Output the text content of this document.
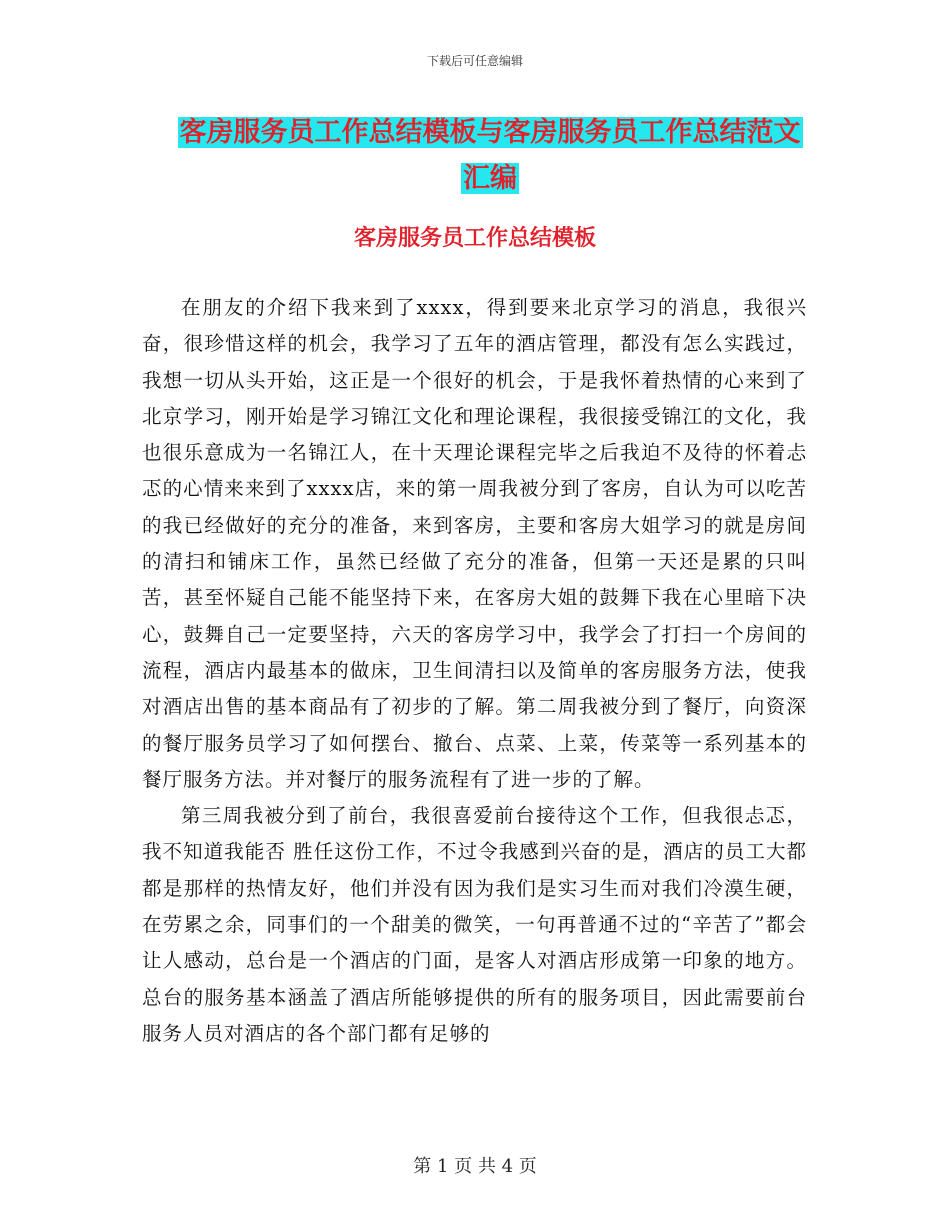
下载后可任意编辑
客房服务员工作总结模板与客房服务员工作总结范文
汇编
客房服务员工作总结模板

在朋友的介绍下我来到了xxxx，得到要来北京学习的消息，我很兴奋，很珍惜这样的机会，我学习了五年的酒店管理，都没有怎么实践过，我想一切从头开始，这正是一个很好的机会，于是我怀着热情的心来到了北京学习，刚开始是学习锦江文化和理论课程，我很接受锦江的文化，我也很乐意成为一名锦江人，在十天理论课程完毕之后我迫不及待的怀着忐忑的心情来来到了xxxx店，来的第一周我被分到了客房，自认为可以吃苦的我已经做好的充分的准备，来到客房，主要和客房大姐学习的就是房间的清扫和铺床工作，虽然已经做了充分的准备，但第一天还是累的只叫苦，甚至怀疑自己能不能坚持下来，在客房大姐的鼓舞下我在心里暗下决心，鼓舞自己一定要坚持，六天的客房学习中，我学会了打扫一个房间的流程，酒店内最基本的做床，卫生间清扫以及简单的客房服务方法，使我对酒店出售的基本商品有了初步的了解。第二周我被分到了餐厅，向资深的餐厅服务员学习了如何摆台、撤台、点菜、上菜，传菜等一系列基本的餐厅服务方法。并对餐厅的服务流程有了进一步的了解。

第三周我被分到了前台，我很喜爱前台接待这个工作，但我很忐忑，我不知道我能否 胜任这份工作，不过令我感到兴奋的是，酒店的员工大都都是那样的热情友好，他们并没有因为我们是实习生而对我们冷漠生硬，在劳累之余，同事们的一个甜美的微笑，一句再普通不过的“辛苦了”都会让人感动，总台是一个酒店的门面，是客人对酒店形成第一印象的地方。总台的服务基本涵盖了酒店所能够提供的所有的服务项目，因此需要前台服务人员对酒店的各个部门都有足够的

第 1 页 共 4 页
